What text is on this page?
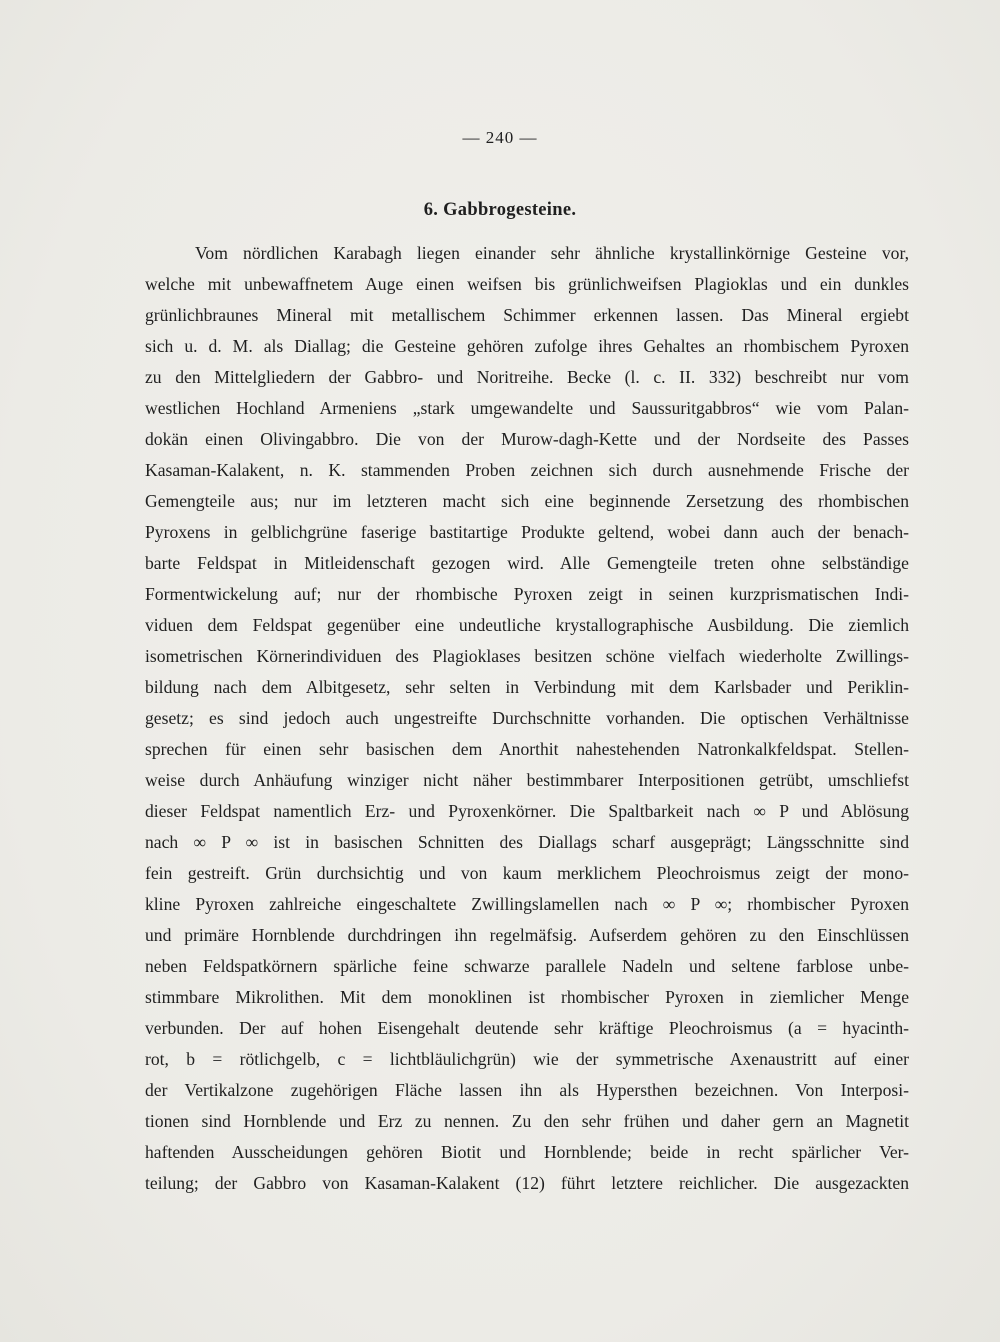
— 240 —
6. Gabbrogesteine.
Vom nördlichen Karabagh liegen einander sehr ähnliche krystallinkörnige Gesteine vor,
welche mit unbewaffnetem Auge einen weifsen bis grünlichweifsen Plagioklas und ein dunkles
grünlichbraunes Mineral mit metallischem Schimmer erkennen lassen. Das Mineral ergiebt
sich u. d. M. als Diallag; die Gesteine gehören zufolge ihres Gehaltes an rhombischem Pyroxen
zu den Mittelgliedern der Gabbro- und Noritreihe. Becke (l. c. II. 332) beschreibt nur vom
westlichen Hochland Armeniens „stark umgewandelte und Saussuritgabbros“ wie vom Palan-
dokän einen Olivingabbro. Die von der Murow-dagh-Kette und der Nordseite des Passes
Kasaman-Kalakent, n. K. stammenden Proben zeichnen sich durch ausnehmende Frische der
Gemengteile aus; nur im letzteren macht sich eine beginnende Zersetzung des rhombischen
Pyroxens in gelblichgrüne faserige bastitartige Produkte geltend, wobei dann auch der benach-
barte Feldspat in Mitleidenschaft gezogen wird. Alle Gemengteile treten ohne selbständige
Formentwickelung auf; nur der rhombische Pyroxen zeigt in seinen kurzprismatischen Indi-
viduen dem Feldspat gegenüber eine undeutliche krystallographische Ausbildung. Die ziemlich
isometrischen Körnerindividuen des Plagioklases besitzen schöne vielfach wiederholte Zwillings-
bildung nach dem Albitgesetz, sehr selten in Verbindung mit dem Karlsbader und Periklin-
gesetz; es sind jedoch auch ungestreifte Durchschnitte vorhanden. Die optischen Verhältnisse
sprechen für einen sehr basischen dem Anorthit nahestehenden Natronkalkfeldspat. Stellen-
weise durch Anhäufung winziger nicht näher bestimmbarer Interpositionen getrübt, umschliefst
dieser Feldspat namentlich Erz- und Pyroxenkörner. Die Spaltbarkeit nach ∞ P und Ablösung
nach ∞ P ∞ ist in basischen Schnitten des Diallags scharf ausgeprägt; Längsschnitte sind
fein gestreift. Grün durchsichtig und von kaum merklichem Pleochroismus zeigt der mono-
kline Pyroxen zahlreiche eingeschaltete Zwillingslamellen nach ∞ P ∞; rhombischer Pyroxen
und primäre Hornblende durchdringen ihn regelmäfsig. Aufserdem gehören zu den Einschlüssen
neben Feldspatkörnern spärliche feine schwarze parallele Nadeln und seltene farblose unbe-
stimmbare Mikrolithen. Mit dem monoklinen ist rhombischer Pyroxen in ziemlicher Menge
verbunden. Der auf hohen Eisengehalt deutende sehr kräftige Pleochroismus (a = hyacinth-
rot, b = rötlichgelb, c = lichtbläulichgrün) wie der symmetrische Axenaustritt auf einer
der Vertikalzone zugehörigen Fläche lassen ihn als Hypersthen bezeichnen. Von Interposi-
tionen sind Hornblende und Erz zu nennen. Zu den sehr frühen und daher gern an Magnetit
haftenden Ausscheidungen gehören Biotit und Hornblende; beide in recht spärlicher Ver-
teilung; der Gabbro von Kasaman-Kalakent (12) führt letztere reichlicher. Die ausgezackten
